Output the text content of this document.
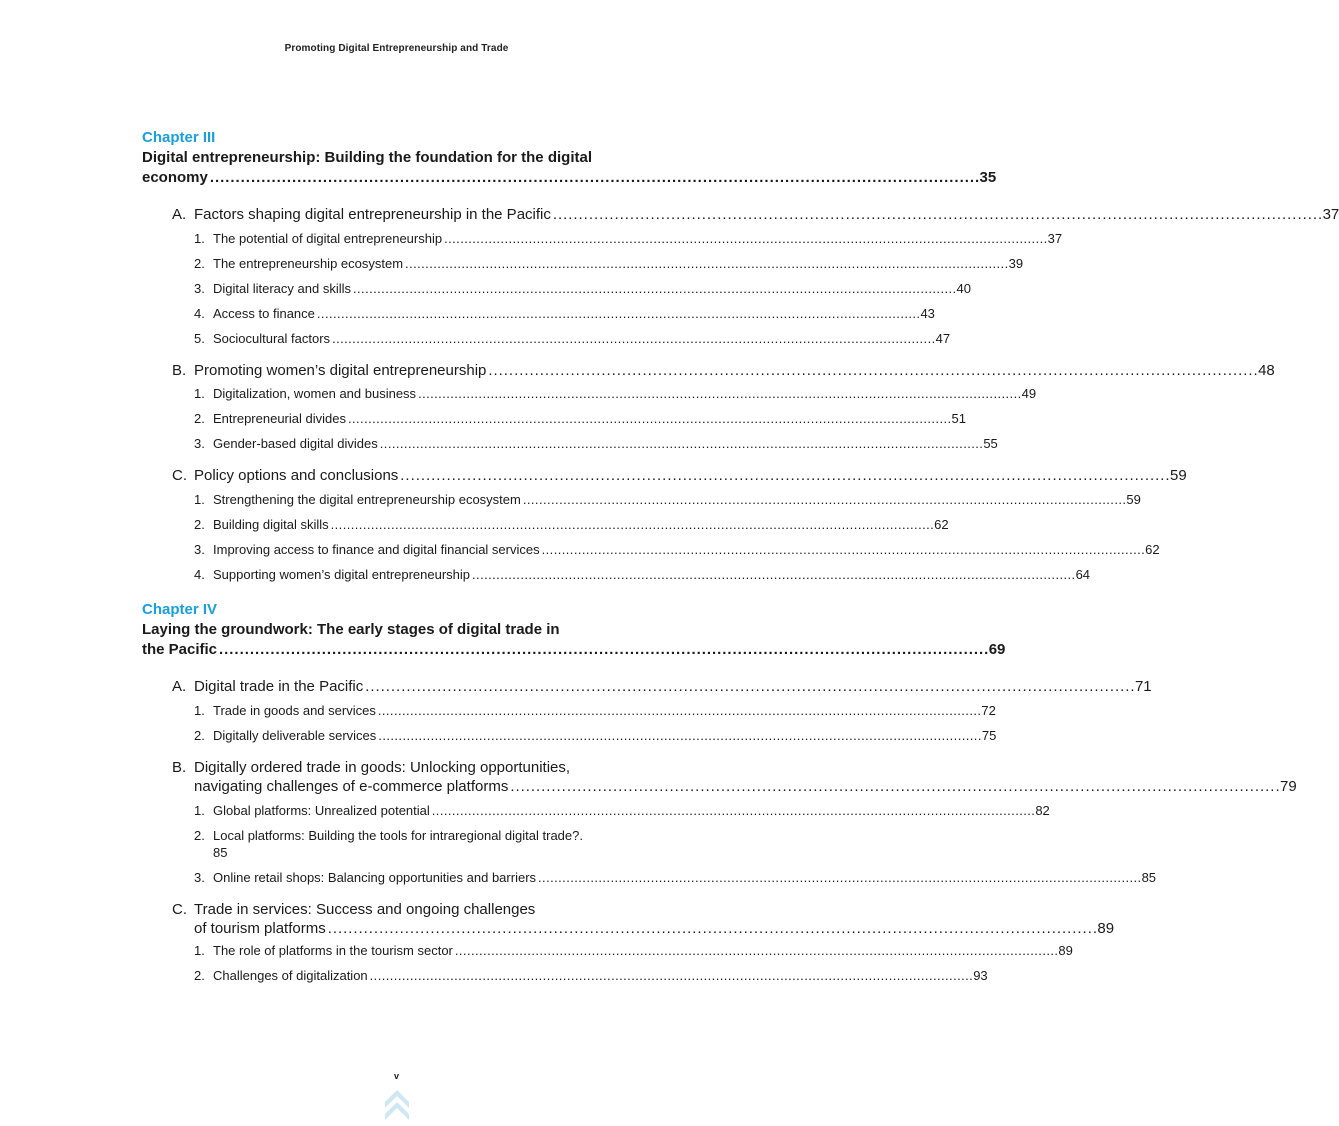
Promoting Digital Entrepreneurship and Trade
Chapter III
Digital entrepreneurship: Building the foundation for the digital
economy . . .	35
A. Factors shaping digital entrepreneurship in the Pacific . . .	37
1. The potential of digital entrepreneurship . . .	37
2. The entrepreneurship ecosystem . . .	39
3. Digital literacy and skills . . .	40
4. Access to finance . . .	43
5. Sociocultural factors . . .	47
B. Promoting women’s digital entrepreneurship . . .	48
1. Digitalization, women and business . . .	49
2. Entrepreneurial divides . . .	51
3. Gender-based digital divides . . .	55
C. Policy options and conclusions . . .	59
1. Strengthening the digital entrepreneurship ecosystem . . .	59
2. Building digital skills . . .	62
3. Improving access to finance and digital financial services . . .	62
4. Supporting women’s digital entrepreneurship . . .	64
Chapter IV
Laying the groundwork: The early stages of digital trade in
the Pacific . . .	69
A. Digital trade in the Pacific . . .	71
1. Trade in goods and services . . .	72
2. Digitally deliverable services . . .	75
B. Digitally ordered trade in goods: Unlocking opportunities,
navigating challenges of e-commerce platforms . . .	79
1. Global platforms: Unrealized potential . . .	82
2. Local platforms: Building the tools for intraregional digital trade?.
85
3. Online retail shops: Balancing opportunities and barriers . . .	85
C. Trade in services: Success and ongoing challenges
of tourism platforms . . .	89
1. The role of platforms in the tourism sector . . .	89
2. Challenges of digitalization . . .	93
v
